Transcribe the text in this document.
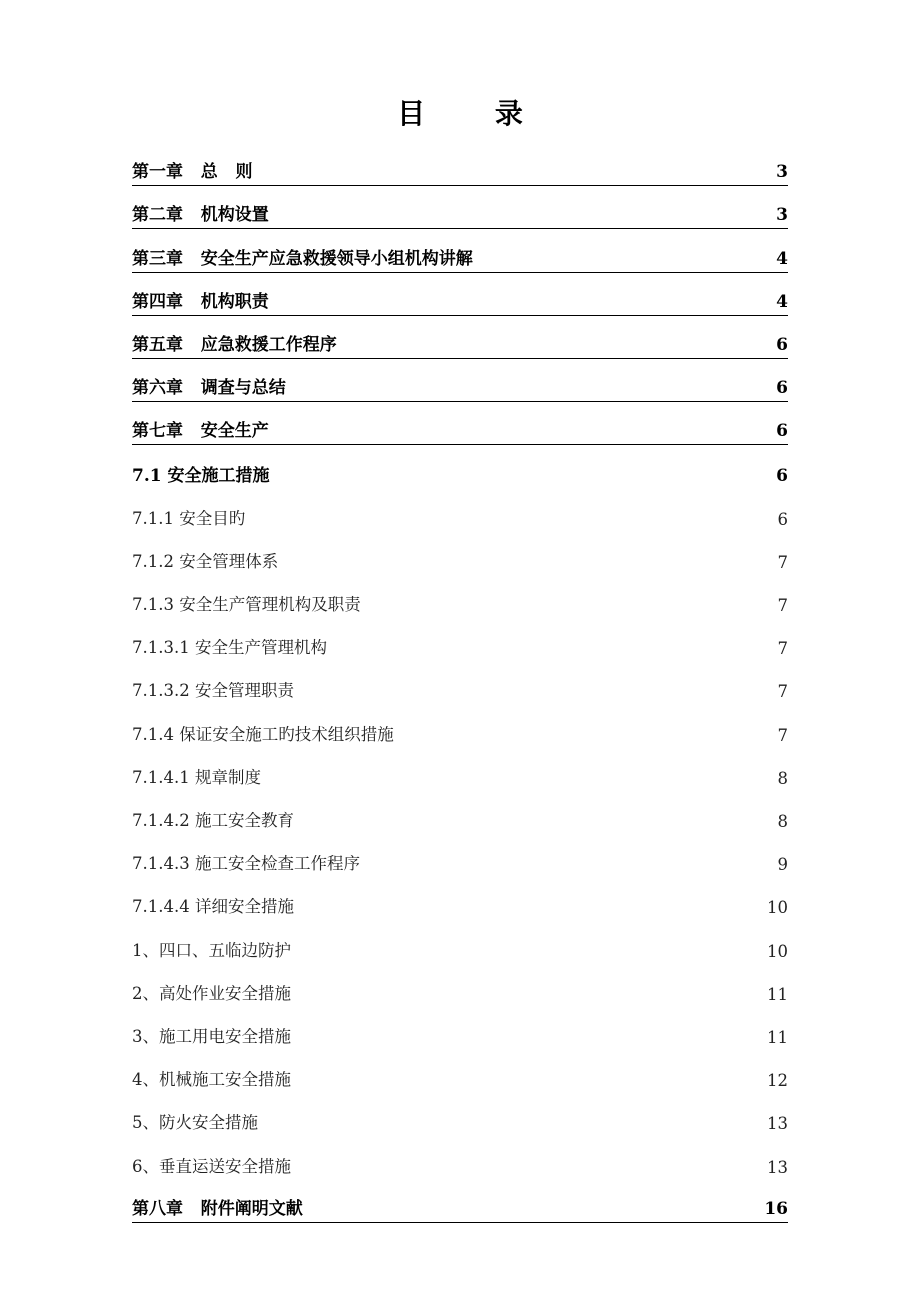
目 录
第一章   总   则	3
第二章   机构设置	3
第三章   安全生产应急救援领导小组机构讲解	4
第四章   机构职责	4
第五章   应急救援工作程序	6
第六章   调查与总结	6
第七章   安全生产	6
7.1 安全施工措施	6
7.1.1 安全目旳	6
7.1.2 安全管理体系	7
7.1.3 安全生产管理机构及职责	7
7.1.3.1 安全生产管理机构	7
7.1.3.2 安全管理职责	7
7.1.4 保证安全施工旳技术组织措施	7
7.1.4.1 规章制度	8
7.1.4.2 施工安全教育	8
7.1.4.3 施工安全检查工作程序	9
7.1.4.4 详细安全措施	10
1、四口、五临边防护	10
2、高处作业安全措施	11
3、施工用电安全措施	11
4、机械施工安全措施	12
5、防火安全措施	13
6、垂直运送安全措施	13
第八章   附件阐明文献	16
